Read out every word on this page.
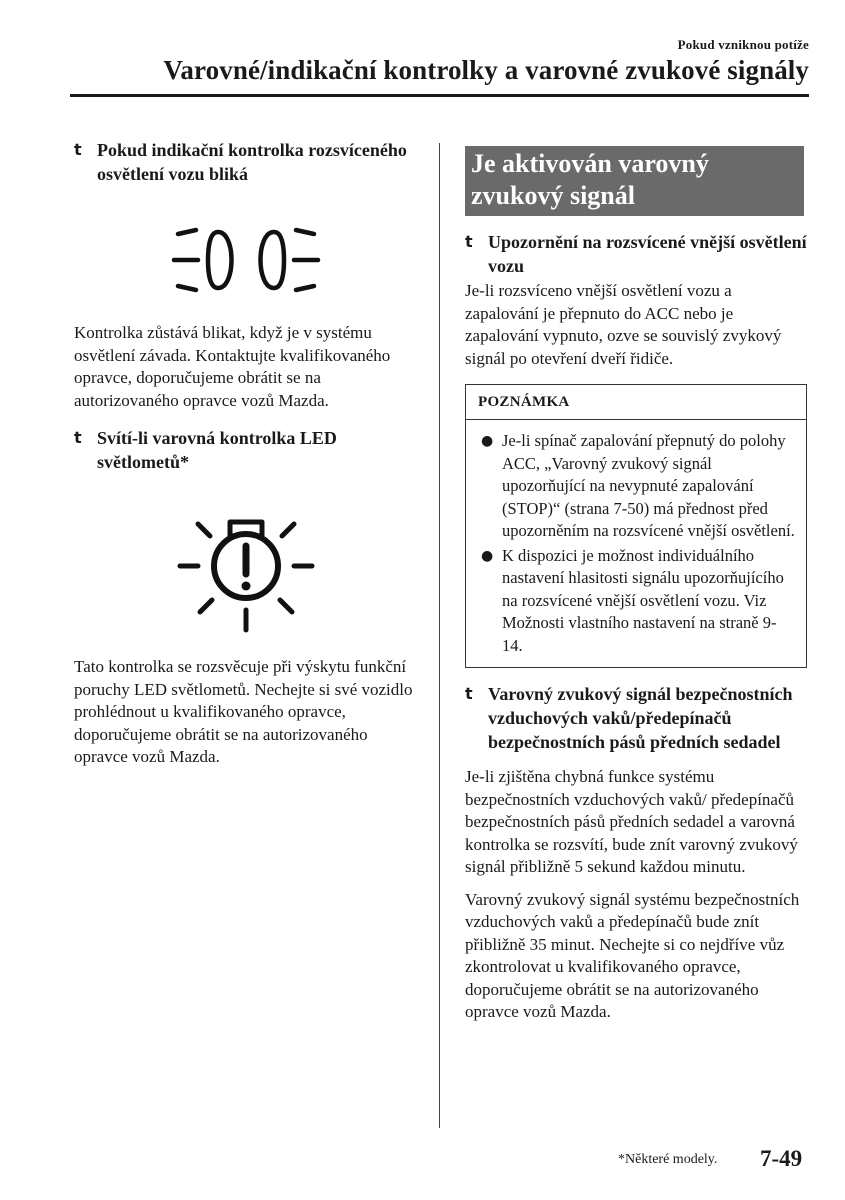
Pokud vzniknou potíže
Varovné/indikační kontrolky a varovné zvukové signály
t Pokud indikační kontrolka rozsvíceného osvětlení vozu bliká

Kontrolka zůstává blikat, když je v systému osvětlení závada. Kontaktujte kvalifikovaného opravce, doporučujeme obrátit se na autorizovaného opravce vozů Mazda.

t Svítí-li varovná kontrolka LED světlometů*

Tato kontrolka se rozsvěcuje při výskytu funkční poruchy LED světlometů. Nechejte si své vozidlo prohlédnout u kvalifikovaného opravce, doporučujeme obrátit se na autorizovaného opravce vozů Mazda.

Je aktivován varovný zvukový signál
t Upozornění na rozsvícené vnější osvětlení vozu

Je-li rozsvíceno vnější osvětlení vozu a zapalování je přepnuto do ACC nebo je zapalování vypnuto, ozve se souvislý zvykový signál po otevření dveří řidiče.

POZNÁMKA
● Je-li spínač zapalování přepnutý do polohy ACC, „Varovný zvukový signál upozorňující na nevypnuté zapalování (STOP)“ (strana 7-50) má přednost před upozorněním na rozsvícené vnější osvětlení.
● K dispozici je možnost individuálního nastavení hlasitosti signálu upozorňujícího na rozsvícené vnější osvětlení vozu. Viz Možnosti vlastního nastavení na straně 9-14.
t Varovný zvukový signál bezpečnostních vzduchových vaků/předepínačů bezpečnostních pásů předních sedadel

Je-li zjištěna chybná funkce systému bezpečnostních vzduchových vaků/ předepínačů bezpečnostních pásů předních sedadel a varovná kontrolka se rozsvítí, bude znít varovný zvukový signál přibližně 5 sekund každou minutu.

Varovný zvukový signál systému bezpečnostních vzduchových vaků a předepínačů bude znít přibližně 35 minut. Nechejte si co nejdříve vůz zkontrolovat u kvalifikovaného opravce, doporučujeme obrátit se na autorizovaného opravce vozů Mazda.

*Některé modely. 7-49
